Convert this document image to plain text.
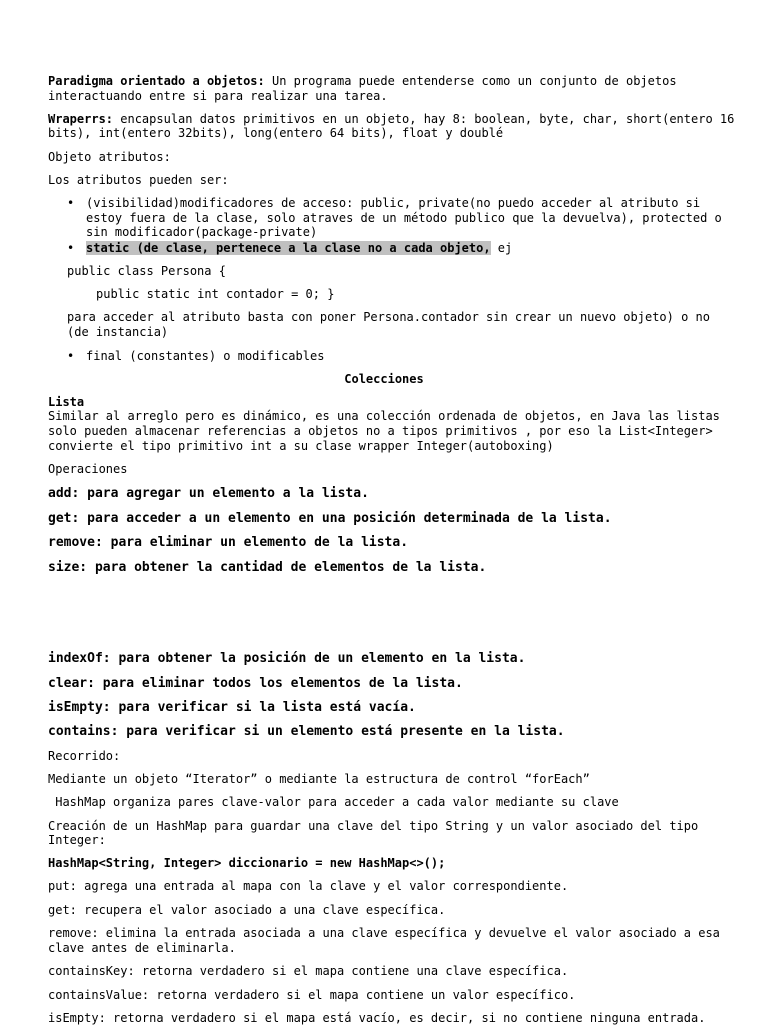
Paradigma orientado a objetos: Un programa puede entenderse como un conjunto de objetos
interactuando entre si para realizar una tarea.
Wraperrs: encapsulan datos primitivos en un objeto, hay 8: boolean, byte, char, short(entero 16
bits), int(entero 32bits), long(entero 64 bits), float y doublé
Objeto atributos:
Los atributos pueden ser:
• (visibilidad)modificadores de acceso: public, private(no puedo acceder al atributo si
estoy fuera de la clase, solo atraves de un método publico que la devuelva), protected o
sin modificador(package-private)
• static (de clase, pertenece a la clase no a cada objeto, ej
public class Persona {
public static int contador = 0; }
para acceder al atributo basta con poner Persona.contador sin crear un nuevo objeto) o no
(de instancia)
• final (constantes) o modificables
Colecciones
Lista
Similar al arreglo pero es dinámico, es una colección ordenada de objetos, en Java las listas
solo pueden almacenar referencias a objetos no a tipos primitivos , por eso la List<Integer>
convierte el tipo primitivo int a su clase wrapper Integer(autoboxing)
Operaciones
add: para agregar un elemento a la lista.
get: para acceder a un elemento en una posición determinada de la lista.
remove: para eliminar un elemento de la lista.
size: para obtener la cantidad de elementos de la lista.
indexOf: para obtener la posición de un elemento en la lista.
clear: para eliminar todos los elementos de la lista.
isEmpty: para verificar si la lista está vacía.
contains: para verificar si un elemento está presente en la lista.
Recorrido:
Mediante un objeto “Iterator” o mediante la estructura de control “forEach”
HashMap organiza pares clave-valor para acceder a cada valor mediante su clave
Creación de un HashMap para guardar una clave del tipo String y un valor asociado del tipo
Integer:
HashMap<String, Integer> diccionario = new HashMap<>();
put: agrega una entrada al mapa con la clave y el valor correspondiente.
get: recupera el valor asociado a una clave específica.
remove: elimina la entrada asociada a una clave específica y devuelve el valor asociado a esa
clave antes de eliminarla.
containsKey: retorna verdadero si el mapa contiene una clave específica.
containsValue: retorna verdadero si el mapa contiene un valor específico.
isEmpty: retorna verdadero si el mapa está vacío, es decir, si no contiene ninguna entrada.
